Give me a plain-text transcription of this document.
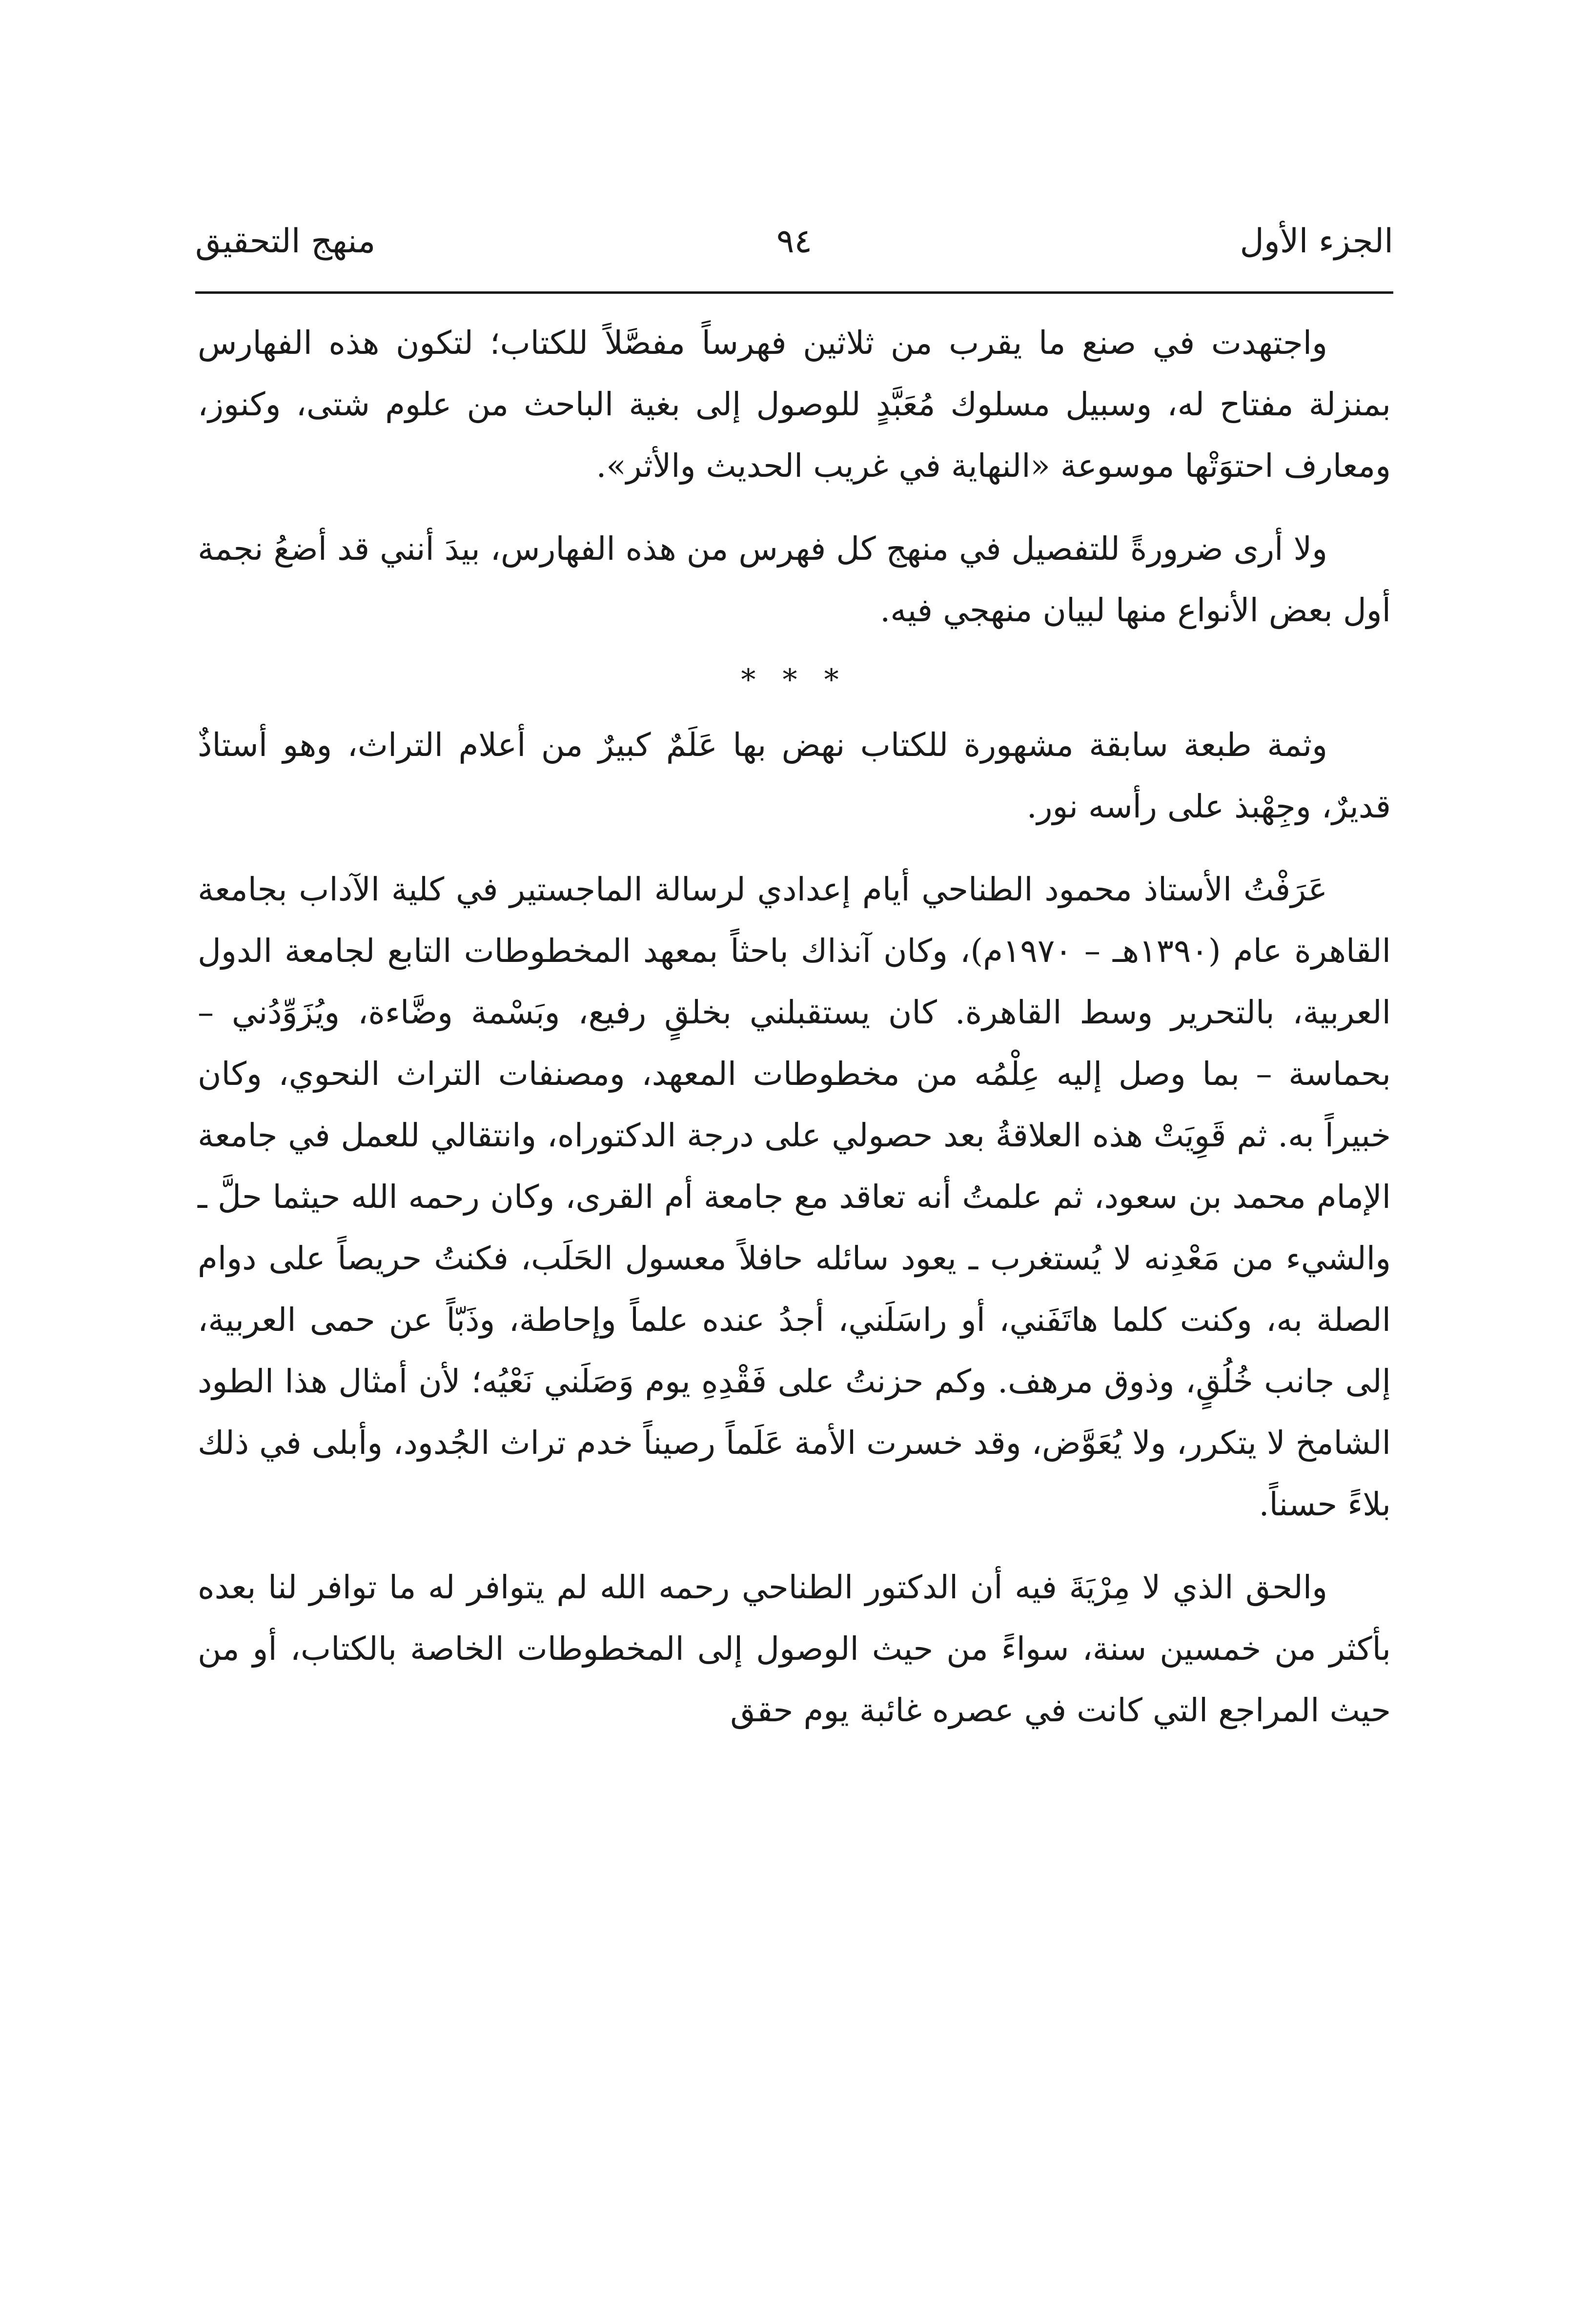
الجزء الأول
٩٤
منهج التحقيق

واجتهدت في صنع ما يقرب من ثلاثين فهرساً مفصَّلاً للكتاب؛ لتكون هذه الفهارس بمنزلة مفتاح له، وسبيل مسلوك مُعَبَّدٍ للوصول إلى بغية الباحث من علوم شتى، وكنوز، ومعارف احتوَتْها موسوعة «النهاية في غريب الحديث والأثر».

ولا أرى ضرورةً للتفصيل في منهج كل فهرس من هذه الفهارس، بيدَ أنني قد أضعُ نجمة أول بعض الأنواع منها لبيان منهجي فيه.

* * *

وثمة طبعة سابقة مشهورة للكتاب نهض بها عَلَمٌ كبيرٌ من أعلام التراث، وهو أستاذٌ قديرٌ، وجِهْبذ على رأسه نور.

عَرَفْتُ الأستاذ محمود الطناحي أيام إعدادي لرسالة الماجستير في كلية الآداب بجامعة القاهرة عام (١٣٩٠هـ – ١٩٧٠م)، وكان آنذاك باحثاً بمعهد المخطوطات التابع لجامعة الدول العربية، بالتحرير وسط القاهرة. كان يستقبلني بخلقٍ رفيع، وبَسْمة وضَّاءة، ويُزَوِّدُني – بحماسة – بما وصل إليه عِلْمُه من مخطوطات المعهد، ومصنفات التراث النحوي، وكان خبيراً به. ثم قَوِيَتْ هذه العلاقةُ بعد حصولي على درجة الدكتوراه، وانتقالي للعمل في جامعة الإمام محمد بن سعود، ثم علمتُ أنه تعاقد مع جامعة أم القرى، وكان رحمه الله حيثما حلَّ ـ والشيء من مَعْدِنه لا يُستغرب ـ يعود سائله حافلاً معسول الحَلَب، فكنتُ حريصاً على دوام الصلة به، وكنت كلما هاتَفَني، أو راسَلَني، أجدُ عنده علماً وإحاطة، وذَبّاً عن حمى العربية، إلى جانب خُلُقٍ، وذوق مرهف. وكم حزنتُ على فَقْدِهِ يوم وَصَلَني نَعْيُه؛ لأن أمثال هذا الطود الشامخ لا يتكرر، ولا يُعَوَّض، وقد خسرت الأمة عَلَماً رصيناً خدم تراث الجُدود، وأبلى في ذلك بلاءً حسناً.

والحق الذي لا مِرْيَةَ فيه أن الدكتور الطناحي رحمه الله لم يتوافر له ما توافر لنا بعده بأكثر من خمسين سنة، سواءً من حيث الوصول إلى المخطوطات الخاصة بالكتاب، أو من حيث المراجع التي كانت في عصره غائبة يوم حقق
